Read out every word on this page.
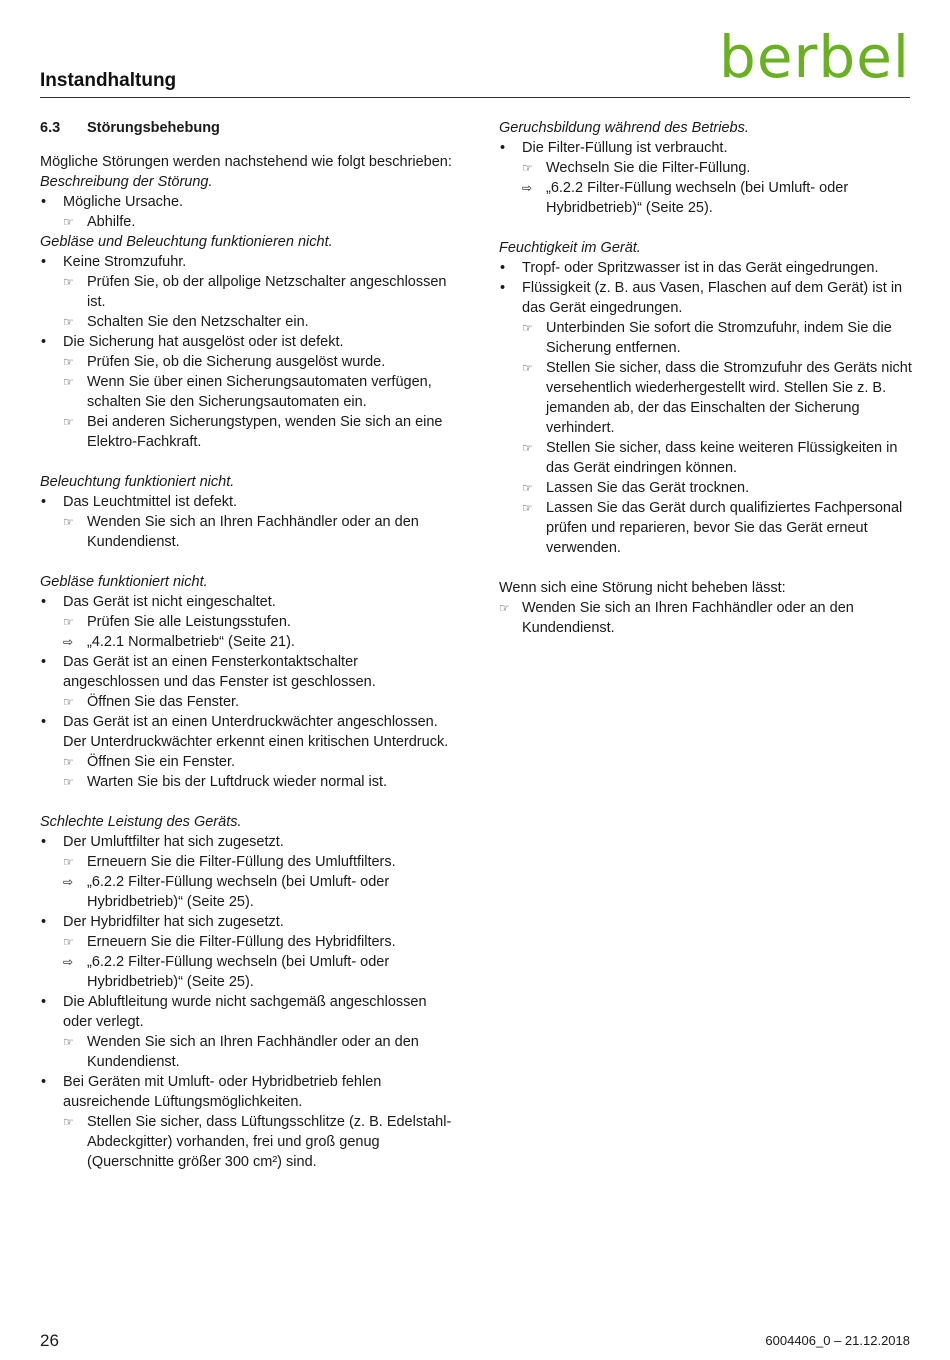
Instandhaltung	berbel
6.3 Störungsbehebung
Mögliche Störungen werden nachstehend wie folgt beschrieben:
Beschreibung der Störung.
• Mögliche Ursache.
☞ Abhilfe.
Gebläse und Beleuchtung funktionieren nicht.
• Keine Stromzufuhr.
☞ Prüfen Sie, ob der allpolige Netzschalter angeschlossen ist.
☞ Schalten Sie den Netzschalter ein.
• Die Sicherung hat ausgelöst oder ist defekt.
☞ Prüfen Sie, ob die Sicherung ausgelöst wurde.
☞ Wenn Sie über einen Sicherungsautomaten verfügen, schalten Sie den Sicherungsautomaten ein.
☞ Bei anderen Sicherungstypen, wenden Sie sich an eine Elektro-Fachkraft.
Beleuchtung funktioniert nicht.
• Das Leuchtmittel ist defekt.
☞ Wenden Sie sich an Ihren Fachhändler oder an den Kundendienst.
Gebläse funktioniert nicht.
• Das Gerät ist nicht eingeschaltet.
☞ Prüfen Sie alle Leistungsstufen.
⇨ „4.2.1 Normalbetrieb“ (Seite 21).
• Das Gerät ist an einen Fensterkontaktschalter angeschlossen und das Fenster ist geschlossen.
☞ Öffnen Sie das Fenster.
• Das Gerät ist an einen Unterdruckwächter angeschlossen. Der Unterdruckwächter erkennt einen kritischen Unterdruck.
☞ Öffnen Sie ein Fenster.
☞ Warten Sie bis der Luftdruck wieder normal ist.
Schlechte Leistung des Geräts.
• Der Umluftfilter hat sich zugesetzt.
☞ Erneuern Sie die Filter-Füllung des Umluftfilters.
⇨ „6.2.2 Filter-Füllung wechseln (bei Umluft- oder Hybridbetrieb)“ (Seite 25).
• Der Hybridfilter hat sich zugesetzt.
☞ Erneuern Sie die Filter-Füllung des Hybridfilters.
⇨ „6.2.2 Filter-Füllung wechseln (bei Umluft- oder Hybridbetrieb)“ (Seite 25).
• Die Abluftleitung wurde nicht sachgemäß angeschlossen oder verlegt.
☞ Wenden Sie sich an Ihren Fachhändler oder an den Kundendienst.
• Bei Geräten mit Umluft- oder Hybridbetrieb fehlen ausreichende Lüftungsmöglichkeiten.
☞ Stellen Sie sicher, dass Lüftungsschlitze (z. B. Edelstahl-Abdeckgitter) vorhanden, frei und groß genug (Querschnitte größer 300 cm²) sind.
Geruchsbildung während des Betriebs.
• Die Filter-Füllung ist verbraucht.
☞ Wechseln Sie die Filter-Füllung.
⇨ „6.2.2 Filter-Füllung wechseln (bei Umluft- oder Hybridbetrieb)“ (Seite 25).
Feuchtigkeit im Gerät.
• Tropf- oder Spritzwasser ist in das Gerät eingedrungen.
• Flüssigkeit (z. B. aus Vasen, Flaschen auf dem Gerät) ist in das Gerät eingedrungen.
☞ Unterbinden Sie sofort die Stromzufuhr, indem Sie die Sicherung entfernen.
☞ Stellen Sie sicher, dass die Stromzufuhr des Geräts nicht versehentlich wiederhergestellt wird. Stellen Sie z. B. jemanden ab, der das Einschalten der Sicherung verhindert.
☞ Stellen Sie sicher, dass keine weiteren Flüssigkeiten in das Gerät eindringen können.
☞ Lassen Sie das Gerät trocknen.
☞ Lassen Sie das Gerät durch qualifiziertes Fachpersonal prüfen und reparieren, bevor Sie das Gerät erneut verwenden.
Wenn sich eine Störung nicht beheben lässt:
☞ Wenden Sie sich an Ihren Fachhändler oder an den Kundendienst.
26	6004406_0 – 21.12.2018
